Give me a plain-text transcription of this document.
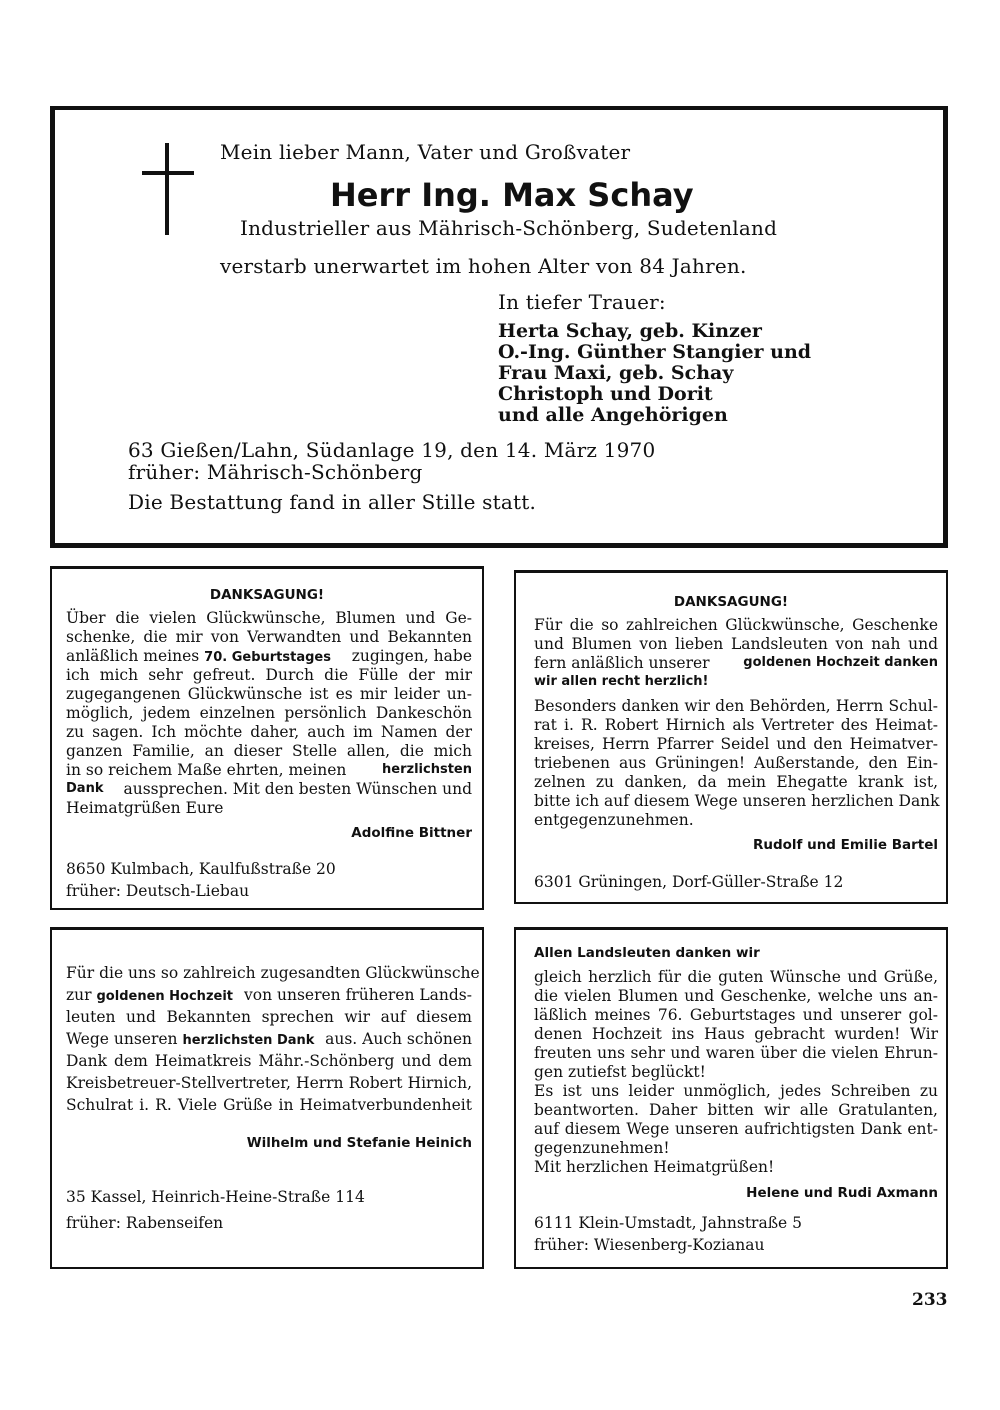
Mein lieber Mann, Vater und Großvater
Herr Ing. Max Schay
Industrieller aus Mährisch-Schönberg, Sudetenland
verstarb unerwartet im hohen Alter von 84 Jahren.
In tiefer Trauer:
Herta Schay, geb. Kinzer
O.-Ing. Günther Stangier und
Frau Maxi, geb. Schay
Christoph und Dorit
und alle Angehörigen
63 Gießen/Lahn, Südanlage 19, den 14. März 1970
früher: Mährisch-Schönberg
Die Bestattung fand in aller Stille statt.
DANKSAGUNG!
Über die vielen Glückwünsche, Blumen und Ge-
schenke, die mir von Verwandten und Bekannten
anläßlich meines 70. Geburtstages zugingen, habe
ich mich sehr gefreut. Durch die Fülle der mir
zugegangenen Glückwünsche ist es mir leider un-
möglich, jedem einzelnen persönlich Dankeschön
zu sagen. Ich möchte daher, auch im Namen der
ganzen Familie, an dieser Stelle allen, die mich
in so reichem Maße ehrten, meinen	herzlichsten
Dank aussprechen. Mit den besten Wünschen und
Heimatgrüßen Eure
Adolfine Bittner
8650 Kulmbach, Kaulfußstraße 20
früher: Deutsch-Liebau
DANKSAGUNG!
Für die so zahlreichen Glückwünsche, Geschenke
und Blumen von lieben Landsleuten von nah und
fern anläßlich unserer	goldenen Hochzeit danken
wir allen recht herzlich!
Besonders danken wir den Behörden, Herrn Schul-
rat i. R. Robert Hirnich als Vertreter des Heimat-
kreises, Herrn Pfarrer Seidel und den Heimatver-
triebenen aus Grüningen! Außerstande, den Ein-
zelnen zu danken, da mein Ehegatte krank ist,
bitte ich auf diesem Wege unseren herzlichen Dank
entgegenzunehmen.
Rudolf und Emilie Bartel
6301 Grüningen, Dorf-Güller-Straße 12
Für die uns so zahlreich zugesandten Glückwünsche
zur goldenen Hochzeit von unseren früheren Lands-
leuten und Bekannten sprechen wir auf diesem
Wege unseren herzlichsten Dank aus. Auch schönen
Dank dem Heimatkreis Mähr.-Schönberg und dem
Kreisbetreuer-Stellvertreter, Herrn Robert Hirnich,
Schulrat i. R. Viele Grüße in Heimatverbundenheit
Wilhelm und Stefanie Heinich
35 Kassel, Heinrich-Heine-Straße 114
früher: Rabenseifen
Allen Landsleuten danken wir
gleich herzlich für die guten Wünsche und Grüße,
die vielen Blumen und Geschenke, welche uns an-
läßlich meines 76. Geburtstages und unserer gol-
denen Hochzeit ins Haus gebracht wurden! Wir
freuten uns sehr und waren über die vielen Ehrun-
gen zutiefst beglückt!
Es ist uns leider unmöglich, jedes Schreiben zu
beantworten. Daher bitten wir alle Gratulanten,
auf diesem Wege unseren aufrichtigsten Dank ent-
gegenzunehmen!
Mit herzlichen Heimatgrüßen!
Helene und Rudi Axmann
6111 Klein-Umstadt, Jahnstraße 5
früher: Wiesenberg-Kozianau
233
